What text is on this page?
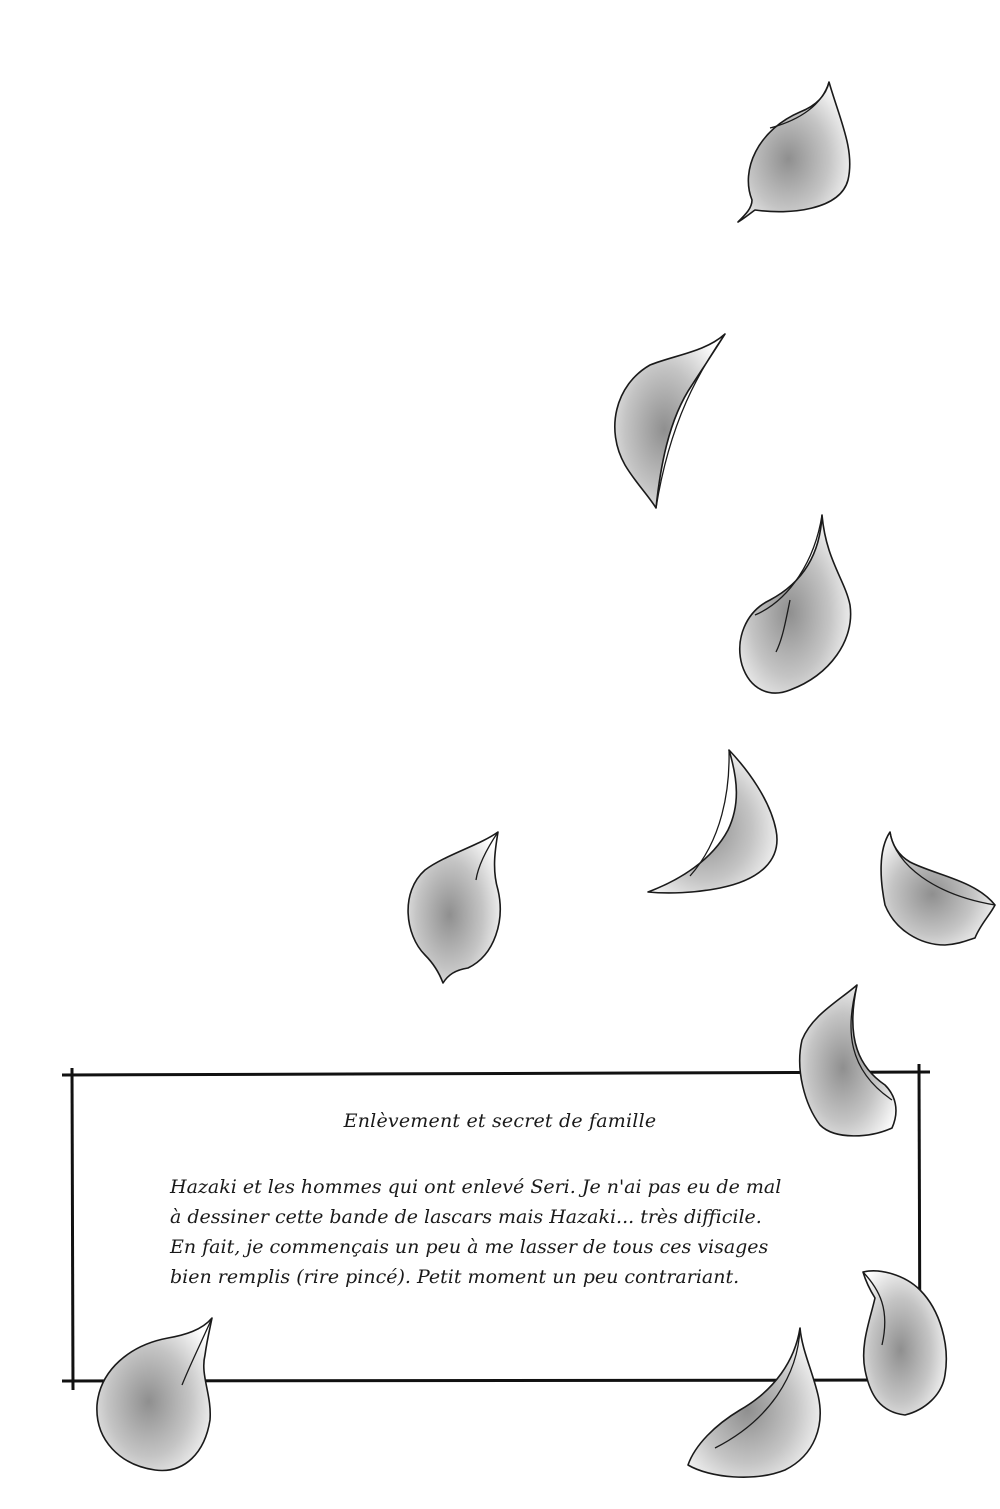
Enlèvement et secret de famille
Hazaki et les hommes qui ont enlevé Seri. Je n'ai pas eu de mal
à dessiner cette bande de lascars mais Hazaki... très difficile.
En fait, je commençais un peu à me lasser de tous ces visages
bien remplis (rire pincé). Petit moment un peu contrariant.
